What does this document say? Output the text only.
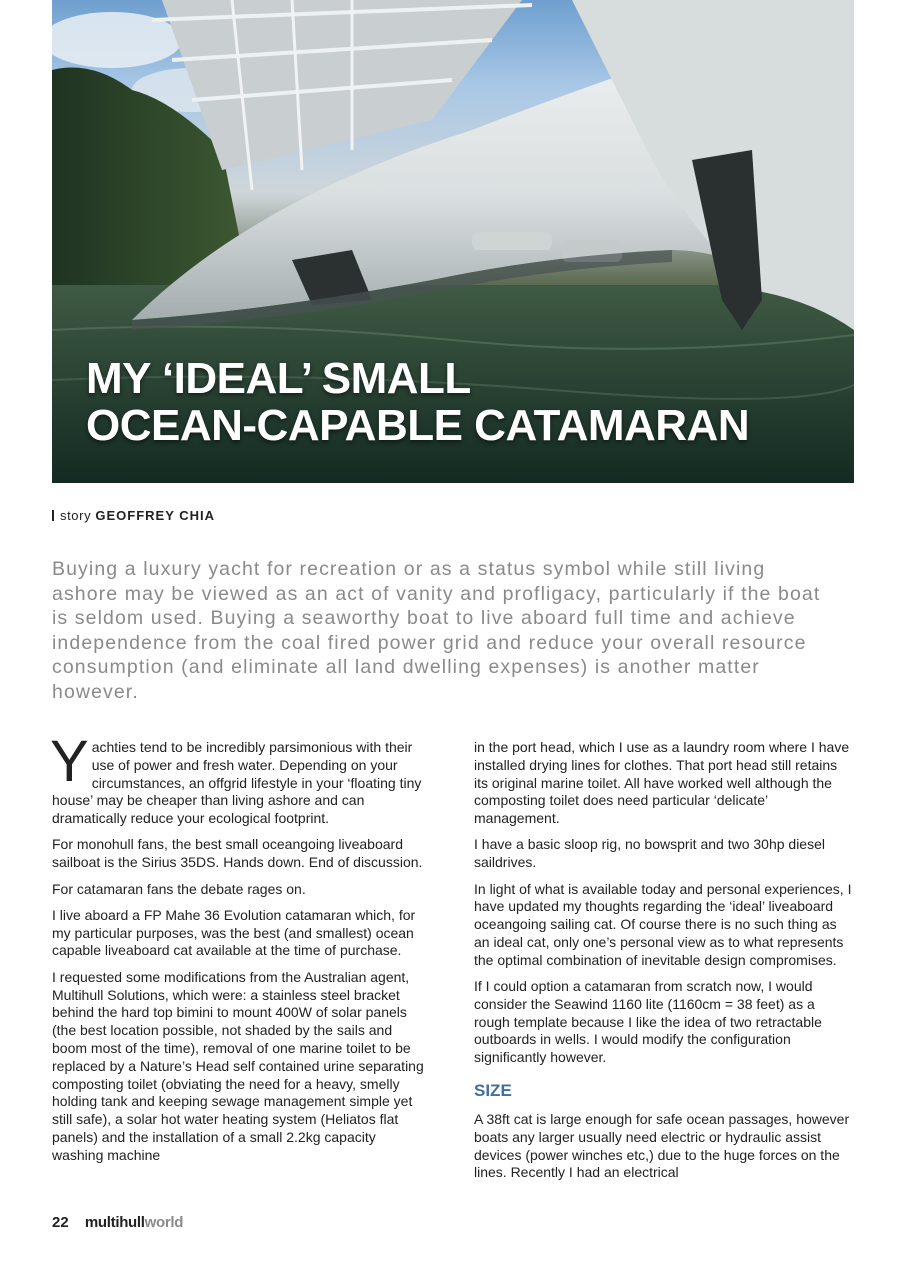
MY ‘IDEAL’ SMALL
OCEAN-CAPABLE CATAMARAN
story GEOFFREY CHIA
Buying a luxury yacht for recreation or as a status symbol while still living ashore may be viewed as an act of vanity and profligacy, particularly if the boat is seldom used. Buying a seaworthy boat to live aboard full time and achieve independence from the coal fired power grid and reduce your overall resource consumption (and eliminate all land dwelling expenses) is another matter however.

Yachties tend to be incredibly parsimonious with their use of power and fresh water. Depending on your circumstances, an offgrid lifestyle in your ‘floating tiny house’ may be cheaper than living ashore and can dramatically reduce your ecological footprint.

For monohull fans, the best small oceangoing liveaboard sailboat is the Sirius 35DS. Hands down. End of discussion.

For catamaran fans the debate rages on.

I live aboard a FP Mahe 36 Evolution catamaran which, for my particular purposes, was the best (and smallest) ocean capable liveaboard cat available at the time of purchase.

I requested some modifications from the Australian agent, Multihull Solutions, which were: a stainless steel bracket behind the hard top bimini to mount 400W of solar panels (the best location possible, not shaded by the sails and boom most of the time), removal of one marine toilet to be replaced by a Nature’s Head self contained urine separating composting toilet (obviating the need for a heavy, smelly holding tank and keeping sewage management simple yet still safe), a solar hot water heating system (Heliatos flat panels) and the installation of a small 2.2kg capacity washing machine

in the port head, which I use as a laundry room where I have installed drying lines for clothes. That port head still retains its original marine toilet. All have worked well although the composting toilet does need particular ‘delicate’ management.

I have a basic sloop rig, no bowsprit and two 30hp diesel saildrives.

In light of what is available today and personal experiences, I have updated my thoughts regarding the ‘ideal’ liveaboard oceangoing sailing cat. Of course there is no such thing as an ideal cat, only one’s personal view as to what represents the optimal combination of inevitable design compromises.

If I could option a catamaran from scratch now, I would consider the Seawind 1160 lite (1160cm = 38 feet) as a rough template because I like the idea of two retractable outboards in wells. I would modify the configuration significantly however.

SIZE

A 38ft cat is large enough for safe ocean passages, however boats any larger usually need electric or hydraulic assist devices (power winches etc,) due to the huge forces on the lines. Recently I had an electrical

22 multihullworld
